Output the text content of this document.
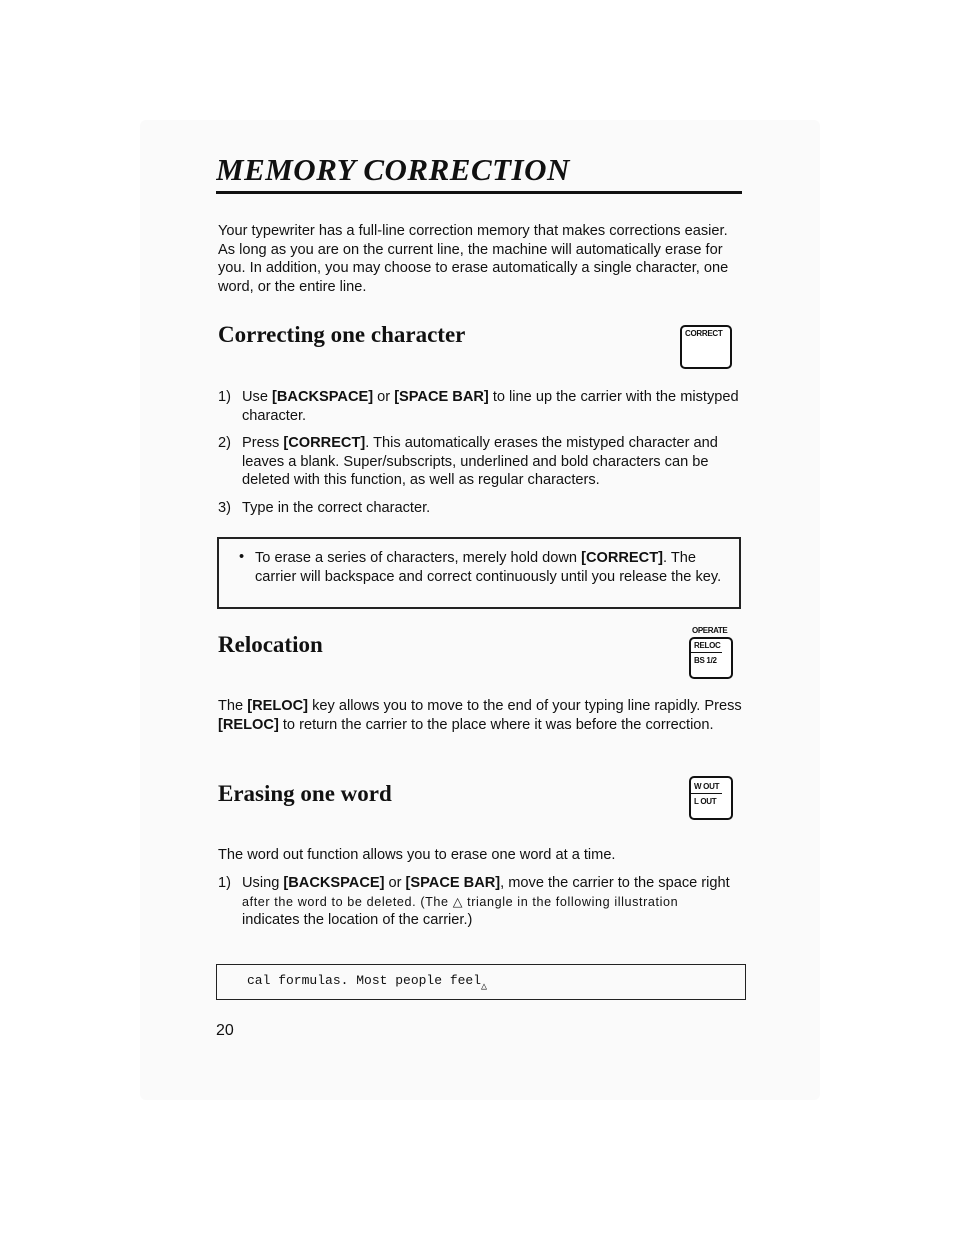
MEMORY CORRECTION

Your typewriter has a full-line correction memory that makes corrections easier. As long as you are on the current line, the machine will automatically erase for you. In addition, you may choose to erase automatically a single character, one word, or the entire line.

Correcting one character	CORRECT
1) Use [BACKSPACE] or [SPACE BAR] to line up the carrier with the mistyped character.
2) Press [CORRECT]. This automatically erases the mistyped character and leaves a blank. Super/subscripts, underlined and bold characters can be deleted with this function, as well as regular characters.
3) Type in the correct character.
• To erase a series of characters, merely hold down [CORRECT]. The carrier will backspace and correct continuously until you release the key.
Relocation
OPERATE
RELOC
BS 1/2

The [RELOC] key allows you to move to the end of your typing line rapidly. Press [RELOC] to return the carrier to the place where it was before the correction.

Erasing one word	W OUT
L OUT

The word out function allows you to erase one word at a time.

1) Using [BACKSPACE] or [SPACE BAR], move the carrier to the space right
after the word to be deleted. (The △ triangle in the following illustration
indicates the location of the carrier.)
cal formulas. Most people feel$_\triangle$
20
